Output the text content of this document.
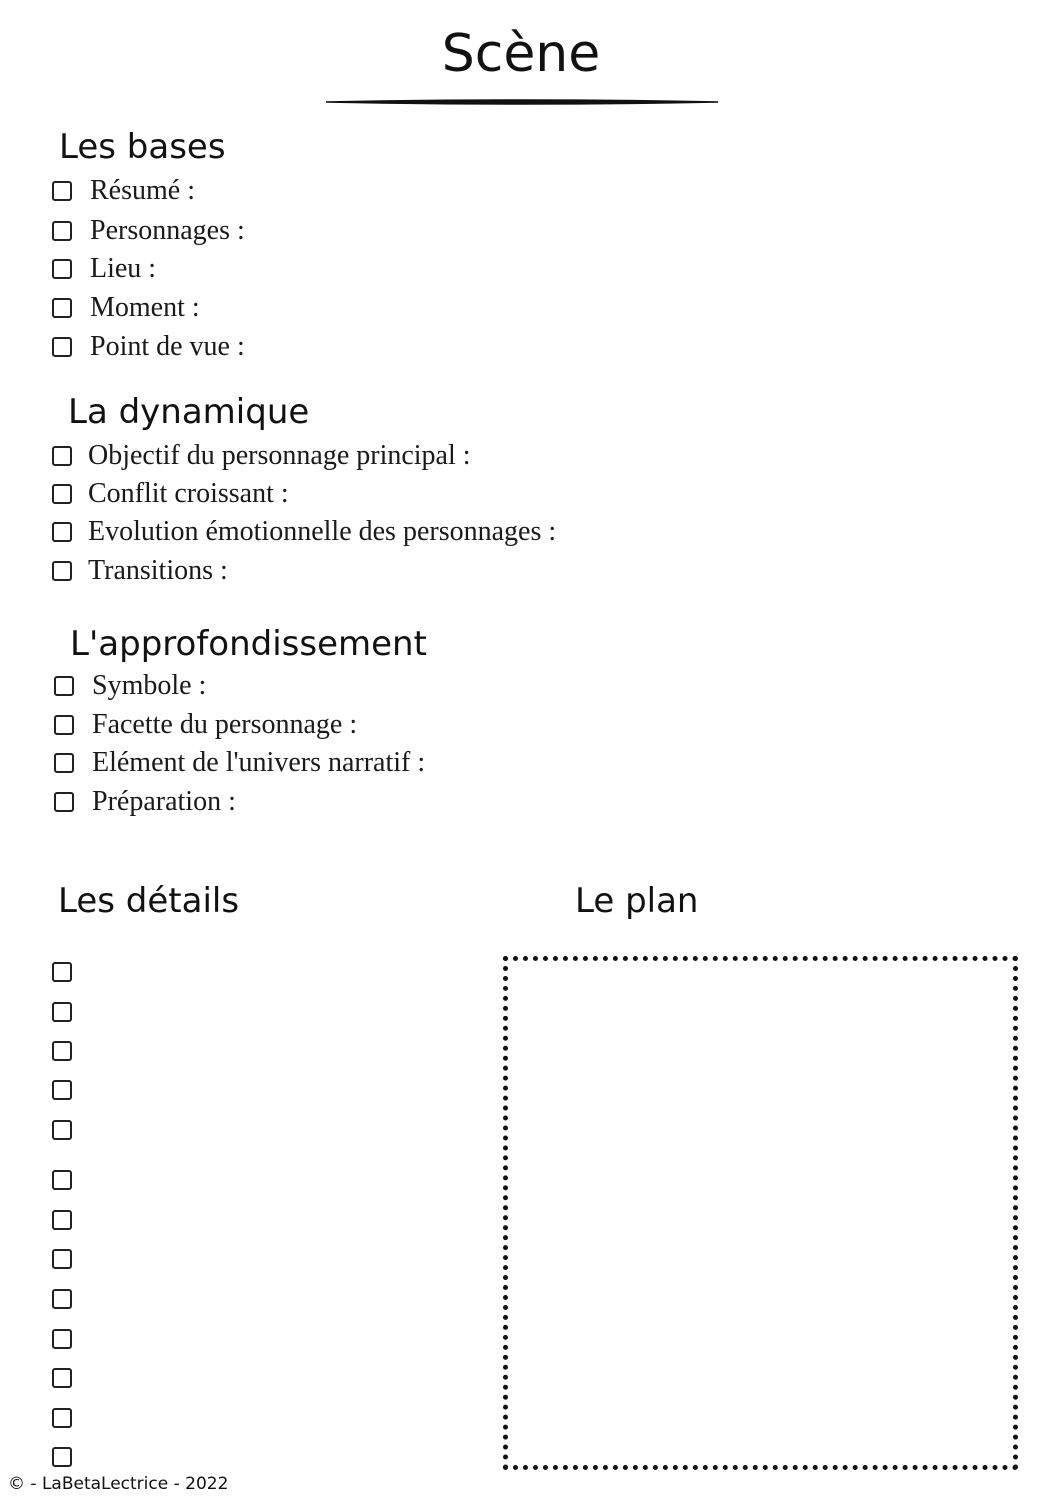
Scène
Les bases
Résumé :
Personnages :
Lieu :
Moment :
Point de vue :
La dynamique
Objectif du personnage principal :
Conflit croissant :
Evolution émotionnelle des personnages :
Transitions :
L'approfondissement
Symbole :
Facette du personnage :
Elément de l'univers narratif :
Préparation :
Les détails	Le plan
© - LaBetaLectrice - 2022
